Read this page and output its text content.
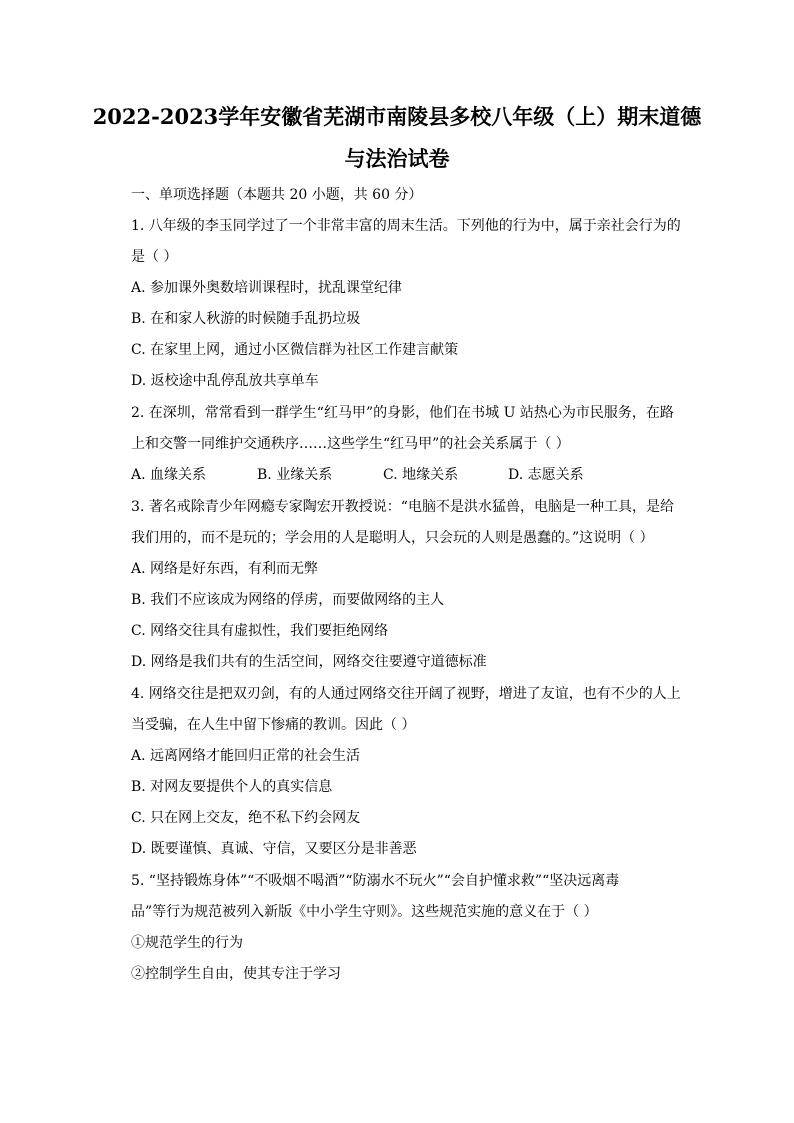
2022-2023学年安徽省芜湖市南陵县多校八年级（上）期末道德
与法治试卷
一、单项选择题（本题共 20 小题，共 60 分）
1. 八年级的李玉同学过了一个非常丰富的周末生活。下列他的行为中，属于亲社会行为的
是（ ）
A. 参加课外奥数培训课程时，扰乱课堂纪律
B. 在和家人秋游的时候随手乱扔垃圾
C. 在家里上网，通过小区微信群为社区工作建言献策
D. 返校途中乱停乱放共享单车
2. 在深圳，常常看到一群学生“红马甲”的身影，他们在书城 U 站热心为市民服务，在路
上和交警一同维护交通秩序……这些学生“红马甲”的社会关系属于（ ）
A. 血缘关系	B. 业缘关系	C. 地缘关系	D. 志愿关系
3. 著名戒除青少年网瘾专家陶宏开教授说：“电脑不是洪水猛兽，电脑是一种工具，是给
我们用的，而不是玩的；学会用的人是聪明人，只会玩的人则是愚蠢的。”这说明（ ）
A. 网络是好东西，有利而无弊
B. 我们不应该成为网络的俘虏，而要做网络的主人
C. 网络交往具有虚拟性，我们要拒绝网络
D. 网络是我们共有的生活空间，网络交往要遵守道德标准
4. 网络交往是把双刃剑，有的人通过网络交往开阔了视野，增进了友谊，也有不少的人上
当受骗，在人生中留下惨痛的教训。因此（ ）
A. 远离网络才能回归正常的社会生活
B. 对网友要提供个人的真实信息
C. 只在网上交友，绝不私下约会网友
D. 既要谨慎、真诚、守信，又要区分是非善恶
5. “坚持锻炼身体”“不吸烟不喝酒”“防溺水不玩火”“会自护懂求救”“坚决远离毒
品”等行为规范被列入新版《中小学生守则》。这些规范实施的意义在于（ ）
①规范学生的行为
②控制学生自由，使其专注于学习
